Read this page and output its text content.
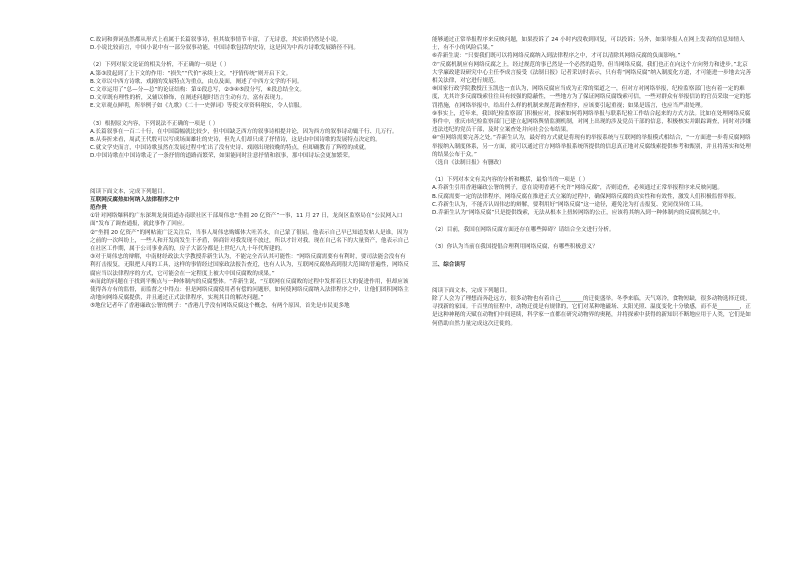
C.故词和弹词虽然都从形式上看属于长篇叙事诗，但其故事情节丰富，了无诗意，其实质仍然是小说。

D.小说比较而言，中国小说中有一部分叙事功能，中国诗歌包括的史诗，这是因为中西方诗歌发展路径不同。

（2）下列对原文论证的相关分析，不正确的一项是（ ）

A.第③段起到了上下文的作用：“损失”“代价”承续上文，“抒情传统”则开启下文。

B.文章以中西方诗歌、戏剧的发展特点为重点，由点及面，阐述了中西方文学的不同。

C.文章运用了“总—分—总”的论证结构：第①段总写，②③④⑤段分写，⑥段总结全文。

D.文章既有理性的析，又辅以修饰，在阐述问题时语言生动有力，富有表现力。

E.文章观点鲜明，所举例子如《九歌》《二十一史弹词》等使文章资料翔实，令人信服。

（3）根据原文内容，下列说法不正确的一项是（ ）

A.长篇叙事在一百二十行，在中国篇幅就比较少，但中国缺乏西方的叙事诗相提并论，因为西方的叙事诗动辄千行、几万行。

B.从奏折来看，周武王代殷可以写成场面雄壮的史诗，但先人们却只成了抒情诗，这是由中国诗歌的发展特点决定的。

C.就文学史而言，中国诗歌虽然在发展过程中忙出了没有史诗、戏剧出现较晚的特点，但却确教育了辉煌的成就。

D.中国诗歌在中国诗歌走了一条抒情的道路而繁荣，如果能同时注意抒情和叙事，那中国诗坛会更加繁荣。

阅读下面文本，完成下列题目。

互联网反腐热如何纳入法律程序之中

范作贵

①针对网络爆料的广东深圳龙岗街道办南联社区干部周伟忠“坐拥 20 亿资产”一事，11 月 27 日，龙岗区监察局在“公民网入口面”发布了调查通报，就此事作了回应。

②“坐拥 20 亿资产”的网帖流广泛关注后，当事人周伟忠购媒体大吐苦水，自己蒙了很屈。他表示自己早已知道发帖人是谁，因为之前的一次纠纷上，一些人和开发商发生干矛盾，韩商针对我发现不放过，所以才针对我。现在自己名下的大量资产，他表示自己在社区工作期，属于公司事业高的，房子大部分都是上世纪八九十年代所建的。

③对于周伟忠的辩解，中南财经政法大学教授乔新生认为，不能完全否认其可能性：“网络反腐需要有有利时，要司法能会没有有利打击报复，无限把人闯的工具，这样的事情经过国家政法报告查近，也有人认为，互联网反腐热高到很大范围的普遍性，网络反腐应当以法律程序的方式，它可能会在一定程度上被大中国反腐败的成果。”

④而此的问题在于找到平衡点与一种体制内的反腐整体。“乔新生说，“互联网在反腐败的过程中发挥着巨大的促进作用，但却应该使得各方有的监督，而监督之中得点：但是网络反腐使用者有偿的问题形，如何使网络反腐纳入法律程序之中，让他们团积网络主动地向网络反腐提供，并且通过正式法律程序，实现其目的解决问题。”

⑤地位记者年了香港廉政公署的例子：“香港几乎没有网络反腐这个概念，有两个原因，首先是市民更多地

能够通过正常举报程序来反映问题，如果投诉了 24 小时内没收到回复，可以投诉；另外，如果举报人在网上发表的信息知情人士，有不小的风险后果。”

⑥乔新生说：“只要我们既可以将网络反腐纳入到法律程序之中，才可以清除其网络反腐的负面影响。”

⑦“反腐机制应有网络反腐之上，经过规范的事已然是一个必然的趋势，但当网络反腐，我们也正在向这个方向努力和进步。”北京大学廉政建设研究中心主任李成言接受《法制日报》记者采访时表示，只有将“网络反腐”纳入制度化方道，才可能进一步地去完善相关法律，对它进行规范。

⑧国家行政学院教授汪玉凯也一直认为，网络反腐应当成为正常的渠道之一，但对方对网络举报，纪检监察部门也有着一定的难度，尤其许多反腐线索往往具有较强的隐蔽性，一些地方为了保证网络反腐线索可信，一些对群众有举报信访的官员采取一定的惩罚措施，在网络举报中，给出什么样的机制来规范调查程序，应该要引起重视；如果是谣言，也应当严肃处理。

⑨事实上，近年来，我国纪检监察部门积极应对，探索如何将网络举报与联系纪检工作结合起来的方式方法。比如在处理网络反腐事件中，重庆市纪检监察部门已建立起网络舆情监测机制，对网上出现的涉及党员干部的信息，积极核实并跟踪调查，同时对涉嫌违法违纪的党员干部，及时立案查处并向社会公布结果。

⑩“但网络需要完善之处。”乔新生认为，最好的方式就是将现有的举报系统与互联网的举报模式相结合，“一方面进一步将反腐网络举报纳入制度体系，另一方面，就可以通过官方网络举报系统所提供的信息真正地对反腐线索提供参考和甄别，并且将落实和处理的结果公布于众。”

（选自《法制日报》有删改）

（1）下列对本文有关内容的分析和概括，最恰当的一项是（ ）

A.乔新生引用香港廉政公署的例子，意在说明香港不允许“网络反腐”，否则追查，必须通过正常举报程序来反映问题。

B.反腐需要一定的法律程序，网络反腐在推进正式立案的过程中，确保网络反腐的真实性和有效性，激发人们积极监督举报。

C.乔新生认为，不能否认周伟忠的辩解，要利用好“网络反腐”这一途径，避免沦为打击报复、党同伐异的工具。

D.乔新生认为“网络反腐”只是提供线索，无法从根本上扭转网络的公正，应该将其纳入到一种体制内的反腐机制之中。

（2）目前，我国在网络反腐方面还存在哪些障碍？请结合全文进行分析。

（3）你认为当前在我国提倡合理利用网络反腐，有哪些积极意义？

三、综合读写

阅读下面文本，完成下列题目。

除了人会为了理想而奔赴远方，很多动物也有着自己________的迁徙盛举。冬季来临，天气寒冷，食物短缺，很多动物选择迁徙，寻找新的家园。千百里的征程中，动物迁徙是有规律的，它们对某种地磁场、太阳光照、温度变化十分敏感，而不是________，正是这种神秘的天赋在动物们中间延续，科学家一直都在研究动物界的奥秘，并将探索中获得的新知识不断地应用于人类，它们是如何借助自然力量完成这次迁徙的。
